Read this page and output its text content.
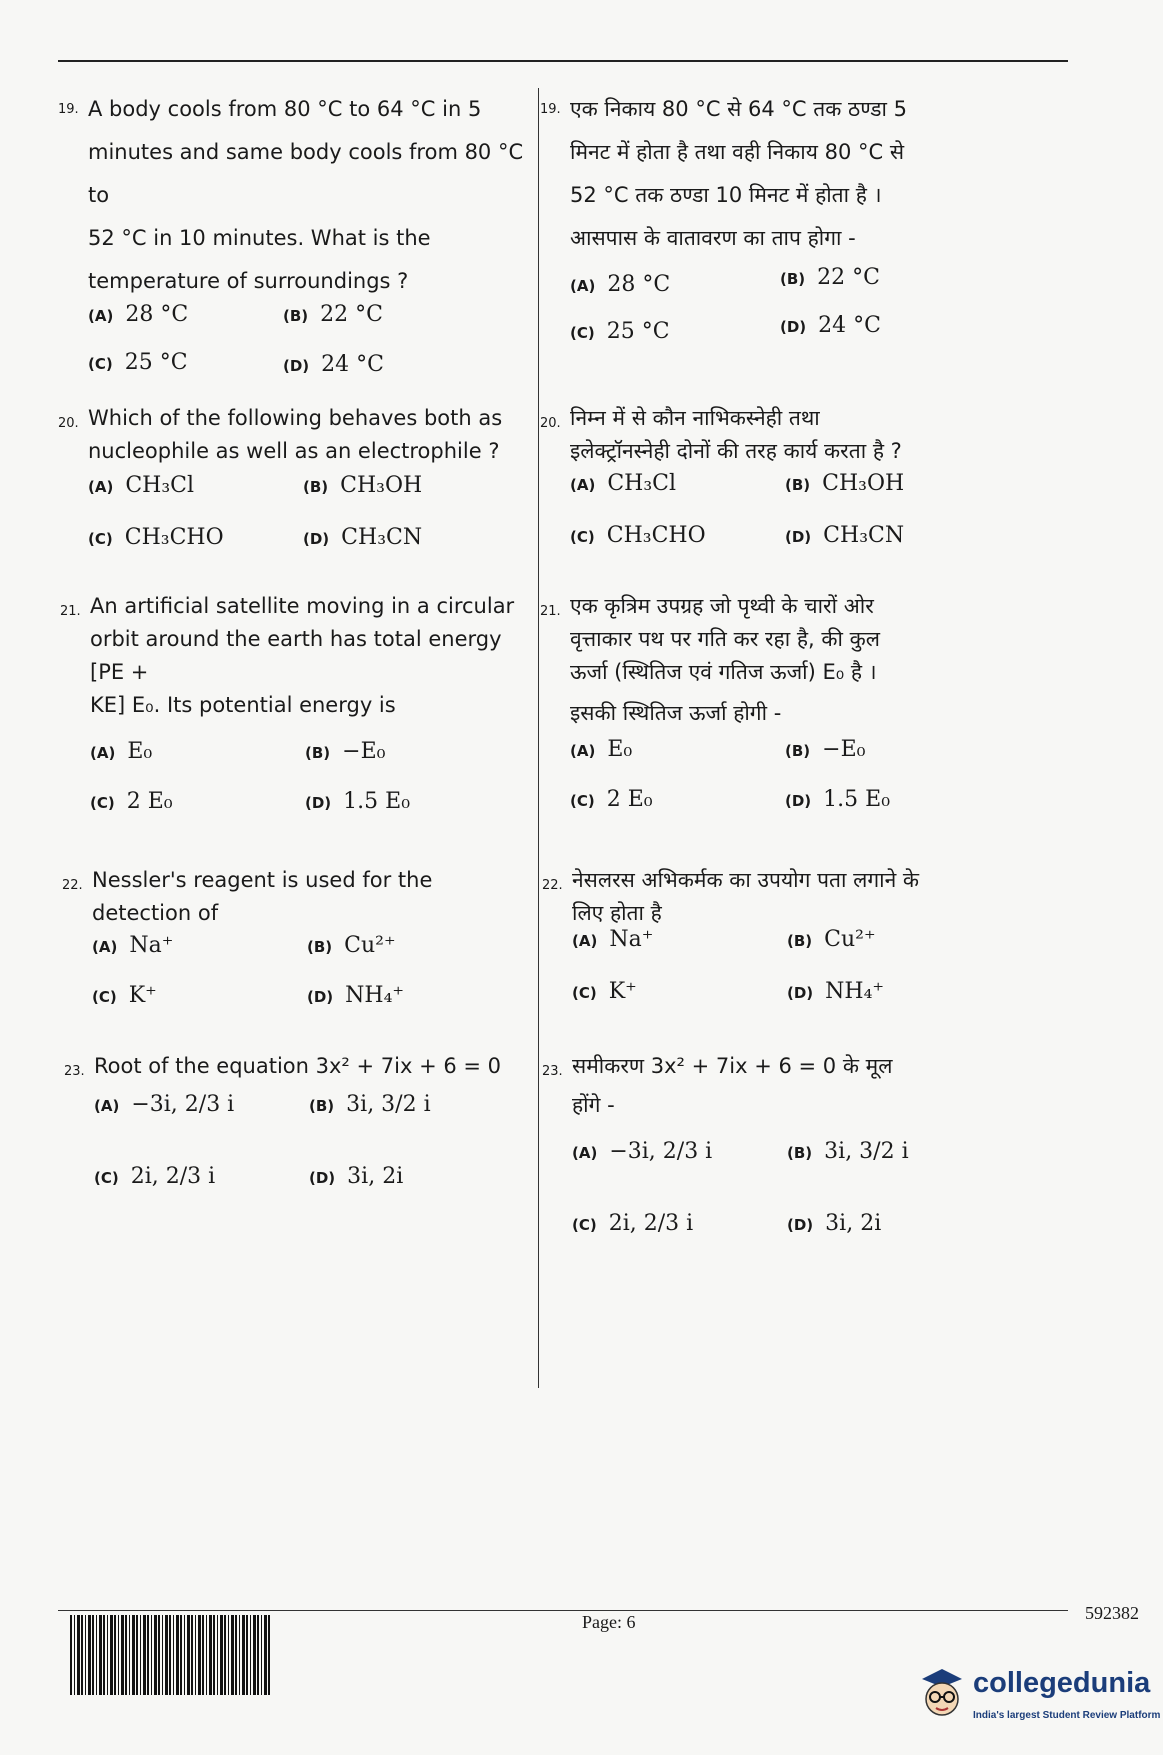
19. A body cools from 80 °C to 64 °C in 5
minutes and same body cools from 80 °C to
52 °C in 10 minutes. What is the
temperature of surroundings ?
(A) 28 °C	(B) 22 °C
(C) 25 °C	(D) 24 °C
19. एक निकाय 80 °C से 64 °C तक ठण्डा 5
मिनट में होता है तथा वही निकाय 80 °C से
52 °C तक ठण्डा 10 मिनट में होता है ।
आसपास के वातावरण का ताप होगा -
(A) 28 °C	(B) 22 °C
(C) 25 °C	(D) 24 °C
20. Which of the following behaves both as
nucleophile as well as an electrophile ?
(A) CH₃Cl	(B) CH₃OH
(C) CH₃CHO	(D) CH₃CN
20. निम्न में से कौन नाभिकस्नेही तथा
इलेक्ट्रॉनस्नेही दोनों की तरह कार्य करता है ?
(A) CH₃Cl	(B) CH₃OH
(C) CH₃CHO	(D) CH₃CN
21. An artificial satellite moving in a circular
orbit around the earth has total energy [PE +
KE] E₀. Its potential energy is
(A) E₀	(B) −E₀
(C) 2 E₀	(D) 1.5 E₀
21. एक कृत्रिम उपग्रह जो पृथ्वी के चारों ओर
वृत्ताकार पथ पर गति कर रहा है, की कुल
ऊर्जा (स्थितिज एवं गतिज ऊर्जा) E₀ है ।
इसकी स्थितिज ऊर्जा होगी -
(A) E₀	(B) −E₀
(C) 2 E₀	(D) 1.5 E₀
22. Nessler's reagent is used for the detection of
(A) Na⁺	(B) Cu²⁺
(C) K⁺	(D) NH₄⁺
22. नेसलरस अभिकर्मक का उपयोग पता लगाने के
लिए होता है
(A) Na⁺	(B) Cu²⁺
(C) K⁺	(D) NH₄⁺
23. Root of the equation 3x² + 7ix + 6 = 0
(A) −3i, 2/3 i	(B) 3i, 3/2 i
(C) 2i, 2/3 i	(D) 3i, 2i
23. समीकरण 3x² + 7ix + 6 = 0 के मूल
होंगे -
(A) −3i, 2/3 i	(B) 3i, 3/2 i
(C) 2i, 2/3 i	(D) 3i, 2i
Page: 6	592382
collegedunia
India's largest Student Review Platform
